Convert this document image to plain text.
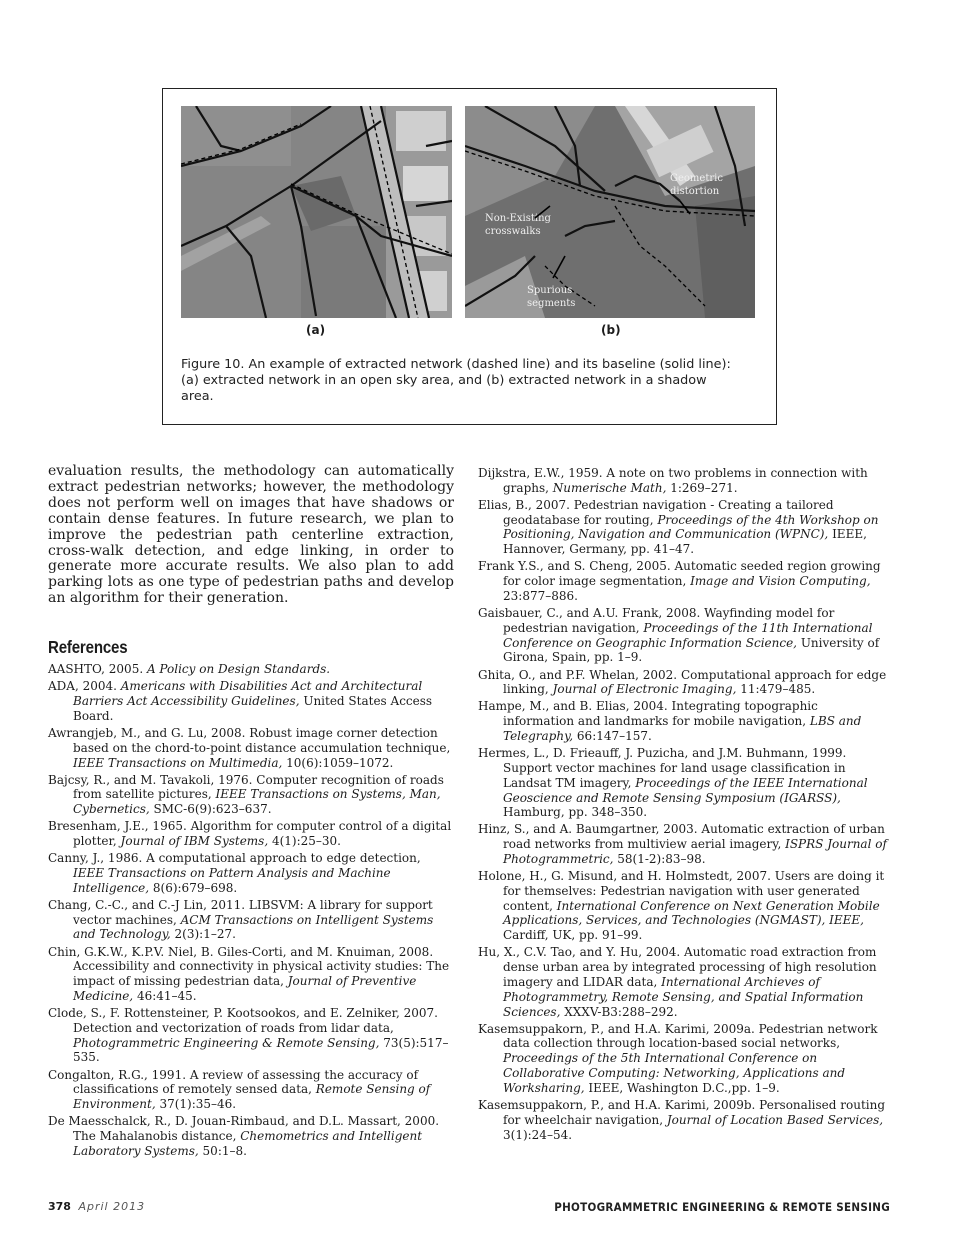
Geometric
distortion
Non-Existing
crosswalks
Spurious
segments
(a)	(b)

Figure 10. An example of extracted network (dashed line) and its baseline (solid line): (a) extracted network in an open sky area, and (b) extracted network in a shadow area.

evaluation results, the methodology can automatically extract pedestrian networks; however, the methodology does not perform well on images that have shadows or contain dense features. In future research, we plan to improve the pedestrian path centerline extraction, cross-walk detection, and edge linking, in order to generate more accurate results. We also plan to add parking lots as one type of pedestrian paths and develop an algorithm for their generation.

References

AASHTO, 2005. A Policy on Design Standards.

ADA, 2004. Americans with Disabilities Act and Architectural Barriers Act Accessibility Guidelines, United States Access Board.

Awrangjeb, M., and G. Lu, 2008. Robust image corner detection based on the chord-to-point distance accumulation technique, IEEE Transactions on Multimedia, 10(6):1059–1072.

Bajcsy, R., and M. Tavakoli, 1976. Computer recognition of roads from satellite pictures, IEEE Transactions on Systems, Man, Cybernetics, SMC-6(9):623–637.

Bresenham, J.E., 1965. Algorithm for computer control of a digital plotter, Journal of IBM Systems, 4(1):25–30.

Canny, J., 1986. A computational approach to edge detection, IEEE Transactions on Pattern Analysis and Machine Intelligence, 8(6):679–698.

Chang, C.-C., and C.-J Lin, 2011. LIBSVM: A library for support vector machines, ACM Transactions on Intelligent Systems and Technology, 2(3):1–27.

Chin, G.K.W., K.P.V. Niel, B. Giles-Corti, and M. Knuiman, 2008. Accessibility and connectivity in physical activity studies: The impact of missing pedestrian data, Journal of Preventive Medicine, 46:41–45.

Clode, S., F. Rottensteiner, P. Kootsookos, and E. Zelniker, 2007. Detection and vectorization of roads from lidar data, Photogrammetric Engineering & Remote Sensing, 73(5):517–535.

Congalton, R.G., 1991. A review of assessing the accuracy of classifications of remotely sensed data, Remote Sensing of Environment, 37(1):35–46.

De Maesschalck, R., D. Jouan-Rimbaud, and D.L. Massart, 2000. The Mahalanobis distance, Chemometrics and Intelligent Laboratory Systems, 50:1–8.

Dijkstra, E.W., 1959. A note on two problems in connection with graphs, Numerische Math, 1:269–271.

Elias, B., 2007. Pedestrian navigation - Creating a tailored geodatabase for routing, Proceedings of the 4th Workshop on Positioning, Navigation and Communication (WPNC), IEEE, Hannover, Germany, pp. 41–47.

Frank Y.S., and S. Cheng, 2005. Automatic seeded region growing for color image segmentation, Image and Vision Computing, 23:877–886.

Gaisbauer, C., and A.U. Frank, 2008. Wayfinding model for pedestrian navigation, Proceedings of the 11th International Conference on Geographic Information Science, University of Girona, Spain, pp. 1–9.

Ghita, O., and P.F. Whelan, 2002. Computational approach for edge linking, Journal of Electronic Imaging, 11:479–485.

Hampe, M., and B. Elias, 2004. Integrating topographic information and landmarks for mobile navigation, LBS and Telegraphy, 66:147–157.

Hermes, L., D. Frieauff, J. Puzicha, and J.M. Buhmann, 1999. Support vector machines for land usage classification in Landsat TM imagery, Proceedings of the IEEE International Geoscience and Remote Sensing Symposium (IGARSS), Hamburg, pp. 348–350.

Hinz, S., and A. Baumgartner, 2003. Automatic extraction of urban road networks from multiview aerial imagery, ISPRS Journal of Photogrammetric, 58(1-2):83–98.

Holone, H., G. Misund, and H. Holmstedt, 2007. Users are doing it for themselves: Pedestrian navigation with user generated content, International Conference on Next Generation Mobile Applications, Services, and Technologies (NGMAST), IEEE, Cardiff, UK, pp. 91–99.

Hu, X., C.V. Tao, and Y. Hu, 2004. Automatic road extraction from dense urban area by integrated processing of high resolution imagery and LIDAR data, International Archieves of Photogrammetry, Remote Sensing, and Spatial Information Sciences, XXXV-B3:288–292.

Kasemsuppakorn, P., and H.A. Karimi, 2009a. Pedestrian network data collection through location-based social networks, Proceedings of the 5th International Conference on Collaborative Computing: Networking, Applications and Worksharing, IEEE, Washington D.C.,pp. 1–9.

Kasemsuppakorn, P., and H.A. Karimi, 2009b. Personalised routing for wheelchair navigation, Journal of Location Based Services, 3(1):24–54.

378 April 2013	PHOTOGRAMMETRIC ENGINEERING & REMOTE SENSING
